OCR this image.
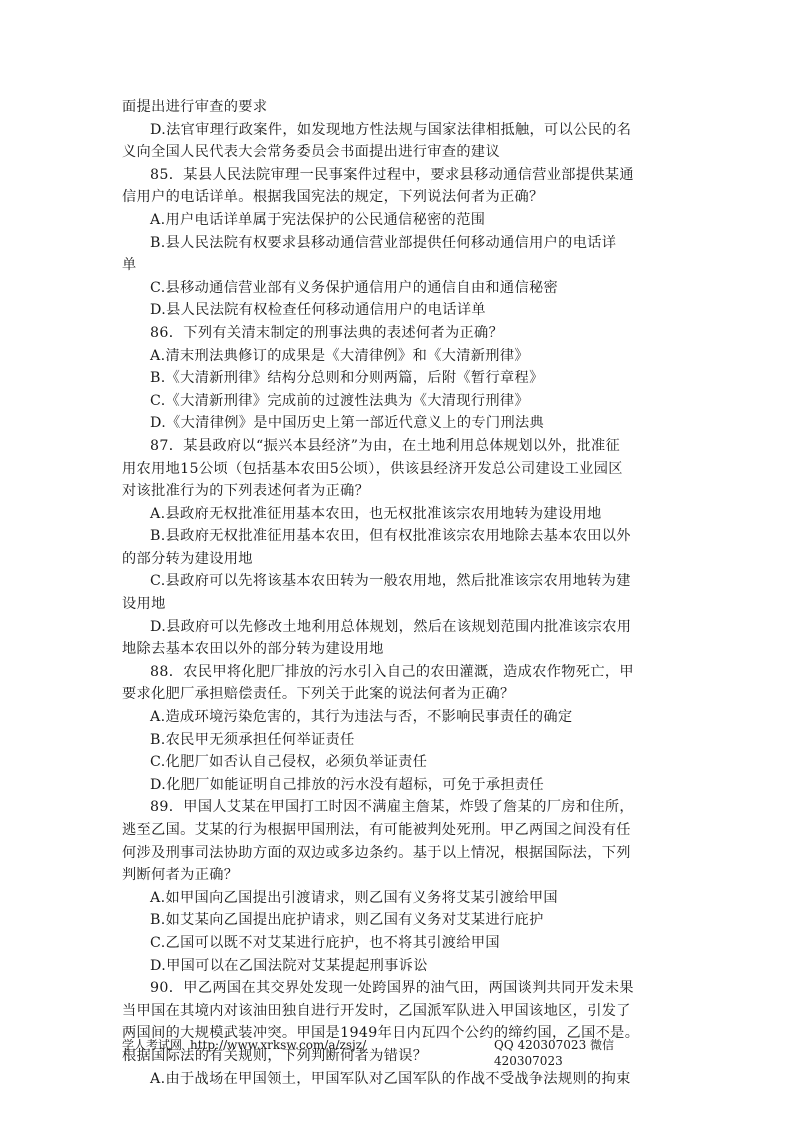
面提出进行审查的要求
D.法官审理行政案件，如发现地方性法规与国家法律相抵触，可以公民的名
义向全国人民代表大会常务委员会书面提出进行审查的建议
85．某县人民法院审理一民事案件过程中，要求县移动通信营业部提供某通
信用户的电话详单。根据我国宪法的规定，下列说法何者为正确？
A.用户电话详单属于宪法保护的公民通信秘密的范围
B.县人民法院有权要求县移动通信营业部提供任何移动通信用户的电话详
单
C.县移动通信营业部有义务保护通信用户的通信自由和通信秘密
D.县人民法院有权检查任何移动通信用户的电话详单
86．下列有关清末制定的刑事法典的表述何者为正确？
A.清末刑法典修订的成果是《大清律例》和《大清新刑律》
B.《大清新刑律》结构分总则和分则两篇，后附《暂行章程》
C.《大清新刑律》完成前的过渡性法典为《大清现行刑律》
D.《大清律例》是中国历史上第一部近代意义上的专门刑法典
87．某县政府以“振兴本县经济”为由，在土地利用总体规划以外，批准征
用农用地15公顷（包括基本农田5公顷），供该县经济开发总公司建设工业园区
对该批准行为的下列表述何者为正确？
A.县政府无权批准征用基本农田，也无权批准该宗农用地转为建设用地
B.县政府无权批准征用基本农田，但有权批准该宗农用地除去基本农田以外
的部分转为建设用地
C.县政府可以先将该基本农田转为一般农用地，然后批准该宗农用地转为建
设用地
D.县政府可以先修改土地利用总体规划，然后在该规划范围内批准该宗农用
地除去基本农田以外的部分转为建设用地
88．农民甲将化肥厂排放的污水引入自己的农田灌溉，造成农作物死亡，甲
要求化肥厂承担赔偿责任。下列关于此案的说法何者为正确？
A.造成环境污染危害的，其行为违法与否，不影响民事责任的确定
B.农民甲无须承担任何举证责任
C.化肥厂如否认自己侵权，必须负举证责任
D.化肥厂如能证明自己排放的污水没有超标，可免于承担责任
89．甲国人艾某在甲国打工时因不满雇主詹某，炸毁了詹某的厂房和住所，
逃至乙国。艾某的行为根据甲国刑法，有可能被判处死刑。甲乙两国之间没有任
何涉及刑事司法协助方面的双边或多边条约。基于以上情况，根据国际法，下列
判断何者为正确？
A.如甲国向乙国提出引渡请求，则乙国有义务将艾某引渡给甲国
B.如艾某向乙国提出庇护请求，则乙国有义务对艾某进行庇护
C.乙国可以既不对艾某进行庇护，也不将其引渡给甲国
D.甲国可以在乙国法院对艾某提起刑事诉讼
90．甲乙两国在其交界处发现一处跨国界的油气田，两国谈判共同开发未果
当甲国在其境内对该油田独自进行开发时，乙国派军队进入甲国该地区，引发了
两国间的大规模武装冲突。甲国是1949年日内瓦四个公约的缔约国，乙国不是。
根据国际法的有关规则，下列判断何者为错误？
A.由于战场在甲国领土，甲国军队对乙国军队的作战不受战争法规则的拘束
学人考试网 http://www.xrksw.com/a/zsjz/	QQ 420307023 微信 420307023
